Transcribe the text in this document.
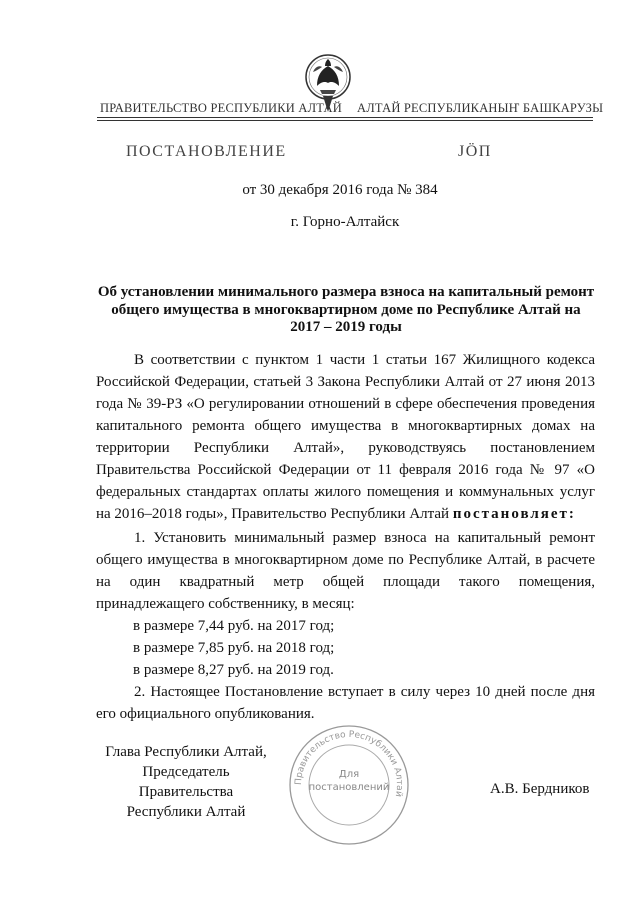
ПРАВИТЕЛЬСТВО РЕСПУБЛИКИ АЛТАЙ АЛТАЙ РЕСПУБЛИКАНЫҤ БАШКАРУЗЫ
ПОСТАНОВЛЕНИЕ	JӦП
от 30 декабря 2016 года № 384
г. Горно-Алтайск
Об установлении минимального размера взноса на капитальный ремонт
общего имущества в многоквартирном доме по Республике Алтай на
2017 – 2019 годы
В соответствии с пунктом 1 части 1 статьи 167 Жилищного кодекса
Российской Федерации, статьей 3 Закона Республики Алтай от 27 июня 2013
года № 39-РЗ «О регулировании отношений в сфере обеспечения проведения
капитального ремонта общего имущества в многоквартирных домах на
территории Республики Алтай», руководствуясь постановлением
Правительства Российской Федерации от 11 февраля 2016 года № 97 «О
федеральных стандартах оплаты жилого помещения и коммунальных услуг
на 2016–2018 годы», Правительство Республики Алтай постановляет:
1. Установить минимальный размер взноса на капитальный ремонт
общего имущества в многоквартирном доме по Республике Алтай, в расчете
на один квадратный метр общей площади такого помещения,
принадлежащего собственнику, в месяц:
в размере 7,44 руб. на 2017 год;
в размере 7,85 руб. на 2018 год;
в размере 8,27 руб. на 2019 год.
2. Настоящее Постановление вступает в силу через 10 дней после дня
его официального опубликования.
Правительство Республики Алтай
Для
постановлений
Глава Республики Алтай,
Председатель Правительства
Республики Алтай
А.В. Бердников
